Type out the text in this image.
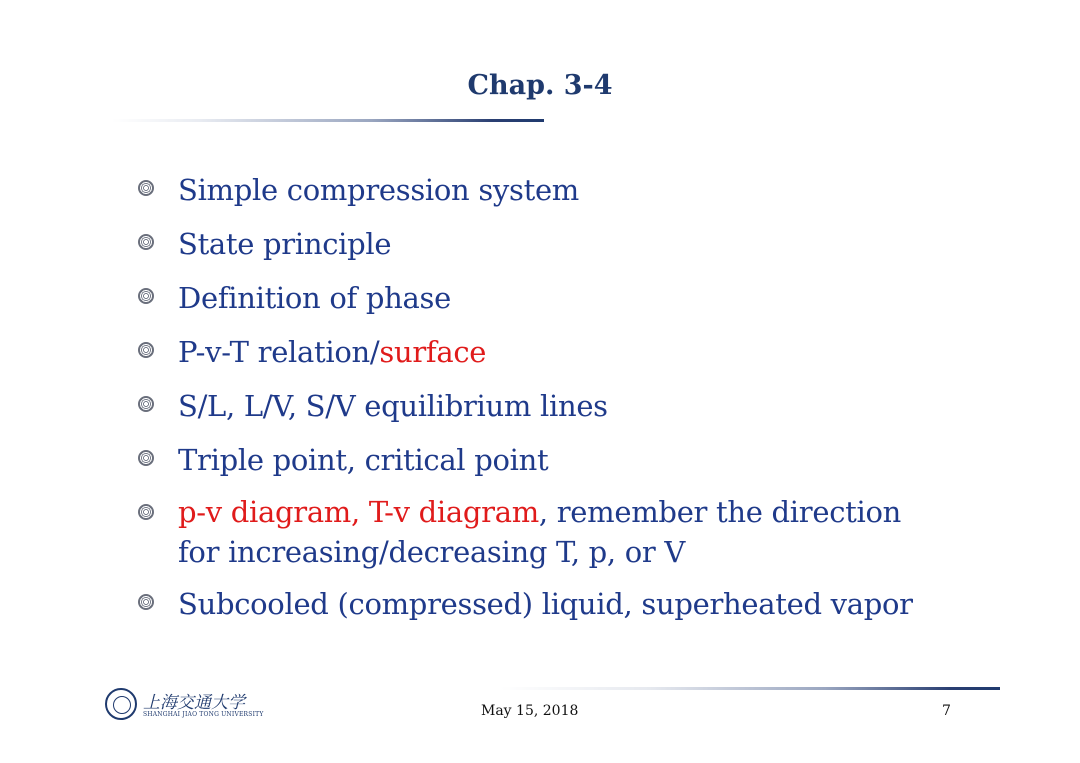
Chap. 3-4
Simple compression system
State principle
Definition of phase
P-v-T relation/surface
S/L, L/V, S/V equilibrium lines
Triple point, critical point
p-v diagram, T-v diagram, remember the direction
for increasing/decreasing T, p, or V
Subcooled (compressed) liquid, superheated vapor
上海交通大学
SHANGHAI JIAO TONG UNIVERSITY	May 15, 2018	7
